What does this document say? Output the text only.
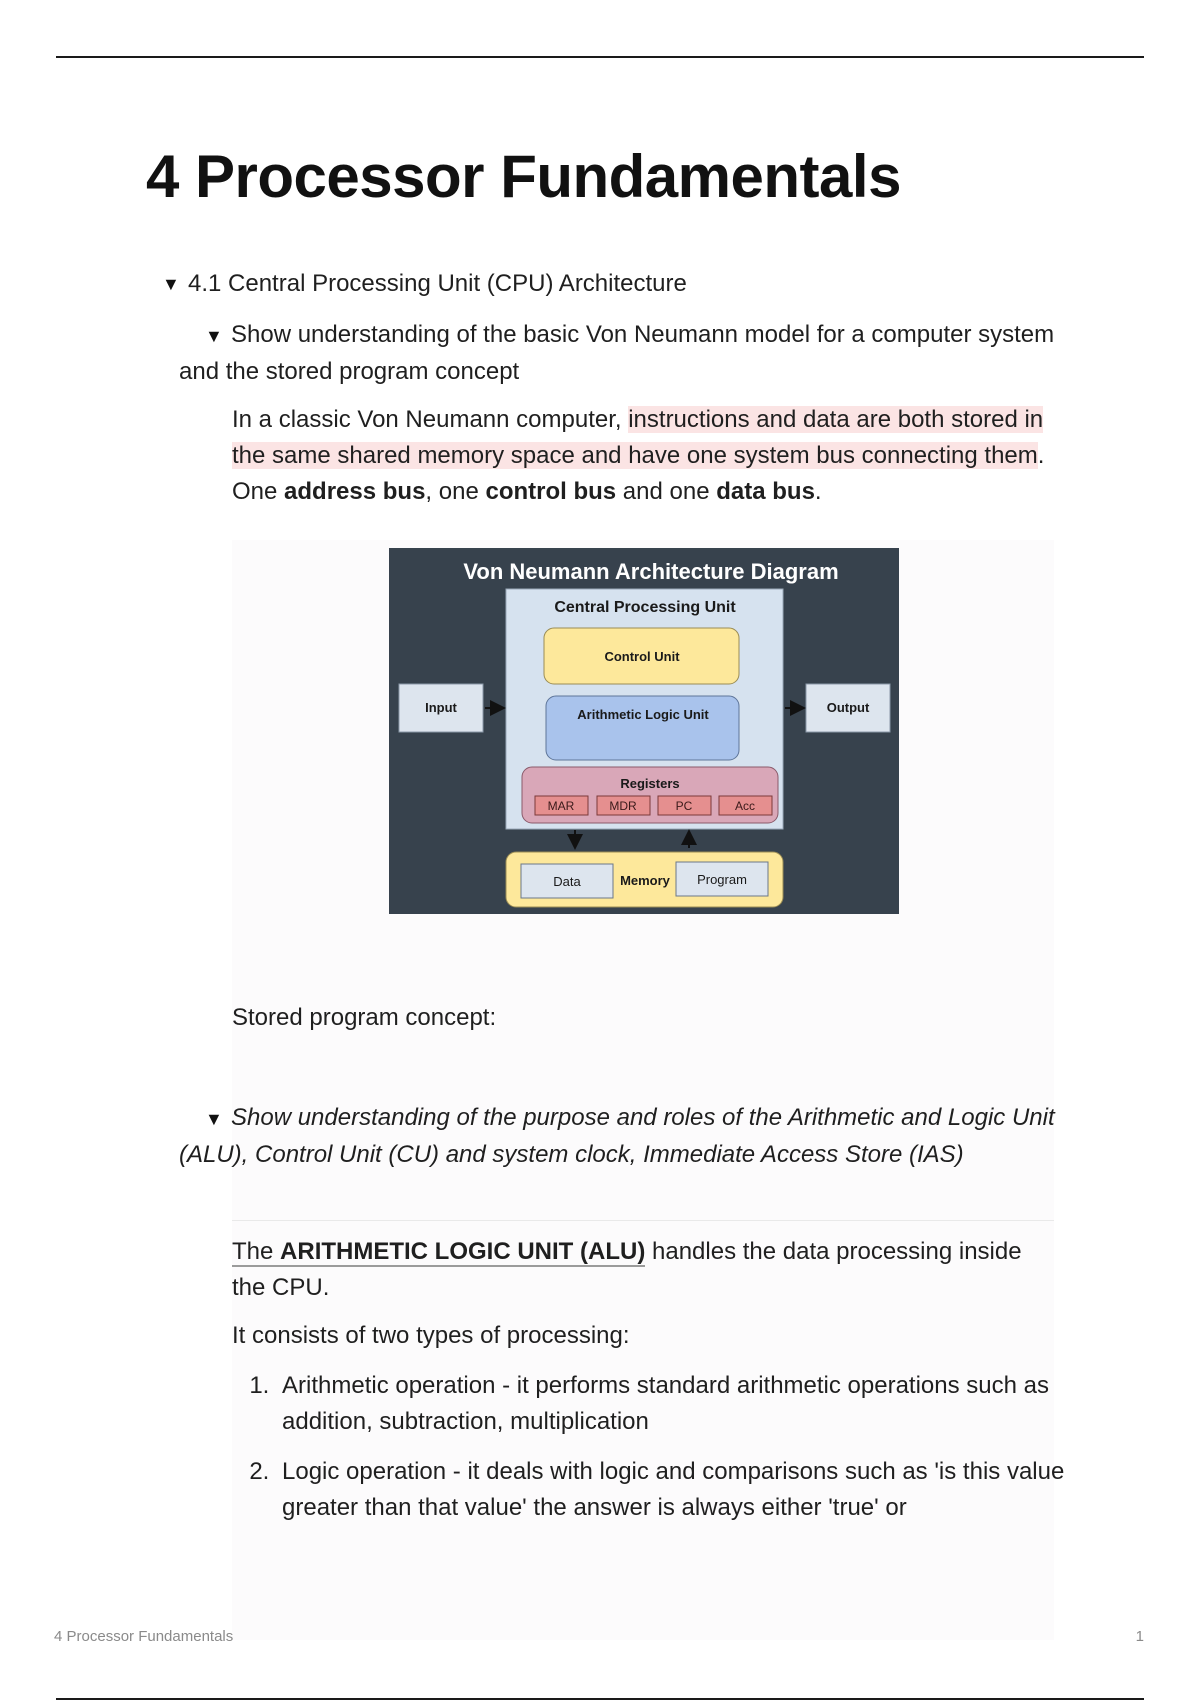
4 Processor Fundamentals
▼ 4.1 Central Processing Unit (CPU) Architecture
▼ Show understanding of the basic Von Neumann model for a computer system and the stored program concept
In a classic Von Neumann computer, instructions and data are both stored in the same shared memory space and have one system bus connecting them. One address bus, one control bus and one data bus.
Von Neumann Architecture Diagram
Central Processing Unit
Control Unit
Arithmetic Logic Unit
Registers
MAR	MDR	PC	Acc
Input	Output
Data	Memory Program
Stored program concept:
▼ Show understanding of the purpose and roles of the Arithmetic and Logic Unit (ALU), Control Unit (CU) and system clock, Immediate Access Store (IAS)
The ARITHMETIC LOGIC UNIT (ALU) handles the data processing inside the CPU.
It consists of two types of processing:
1. Arithmetic operation - it performs standard arithmetic operations such as addition, subtraction, multiplication
2. Logic operation - it deals with logic and comparisons such as 'is this value greater than that value' the answer is always either 'true' or
4 Processor Fundamentals	1
